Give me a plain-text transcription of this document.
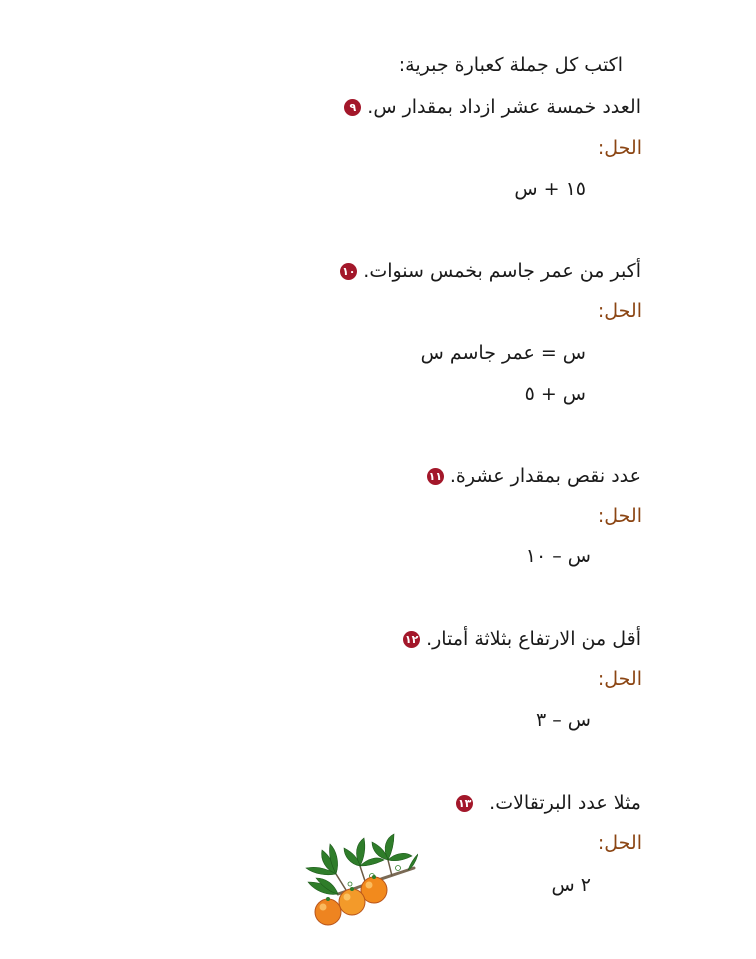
اكتب كل جملة كعبارة جبرية:
٩ العدد خمسة عشر ازداد بمقدار س.
الحل:
١٥ + س
١٠ أكبر من عمر جاسم بخمس سنوات.
الحل:
س = عمر جاسم س
س + ٥
١١ عدد نقص بمقدار عشرة.
الحل:
س – ١٠
١٢ أقل من الارتفاع بثلاثة أمتار.
الحل:
س – ٣
١٣ مثلا عدد البرتقالات.
الحل:
٢ س
